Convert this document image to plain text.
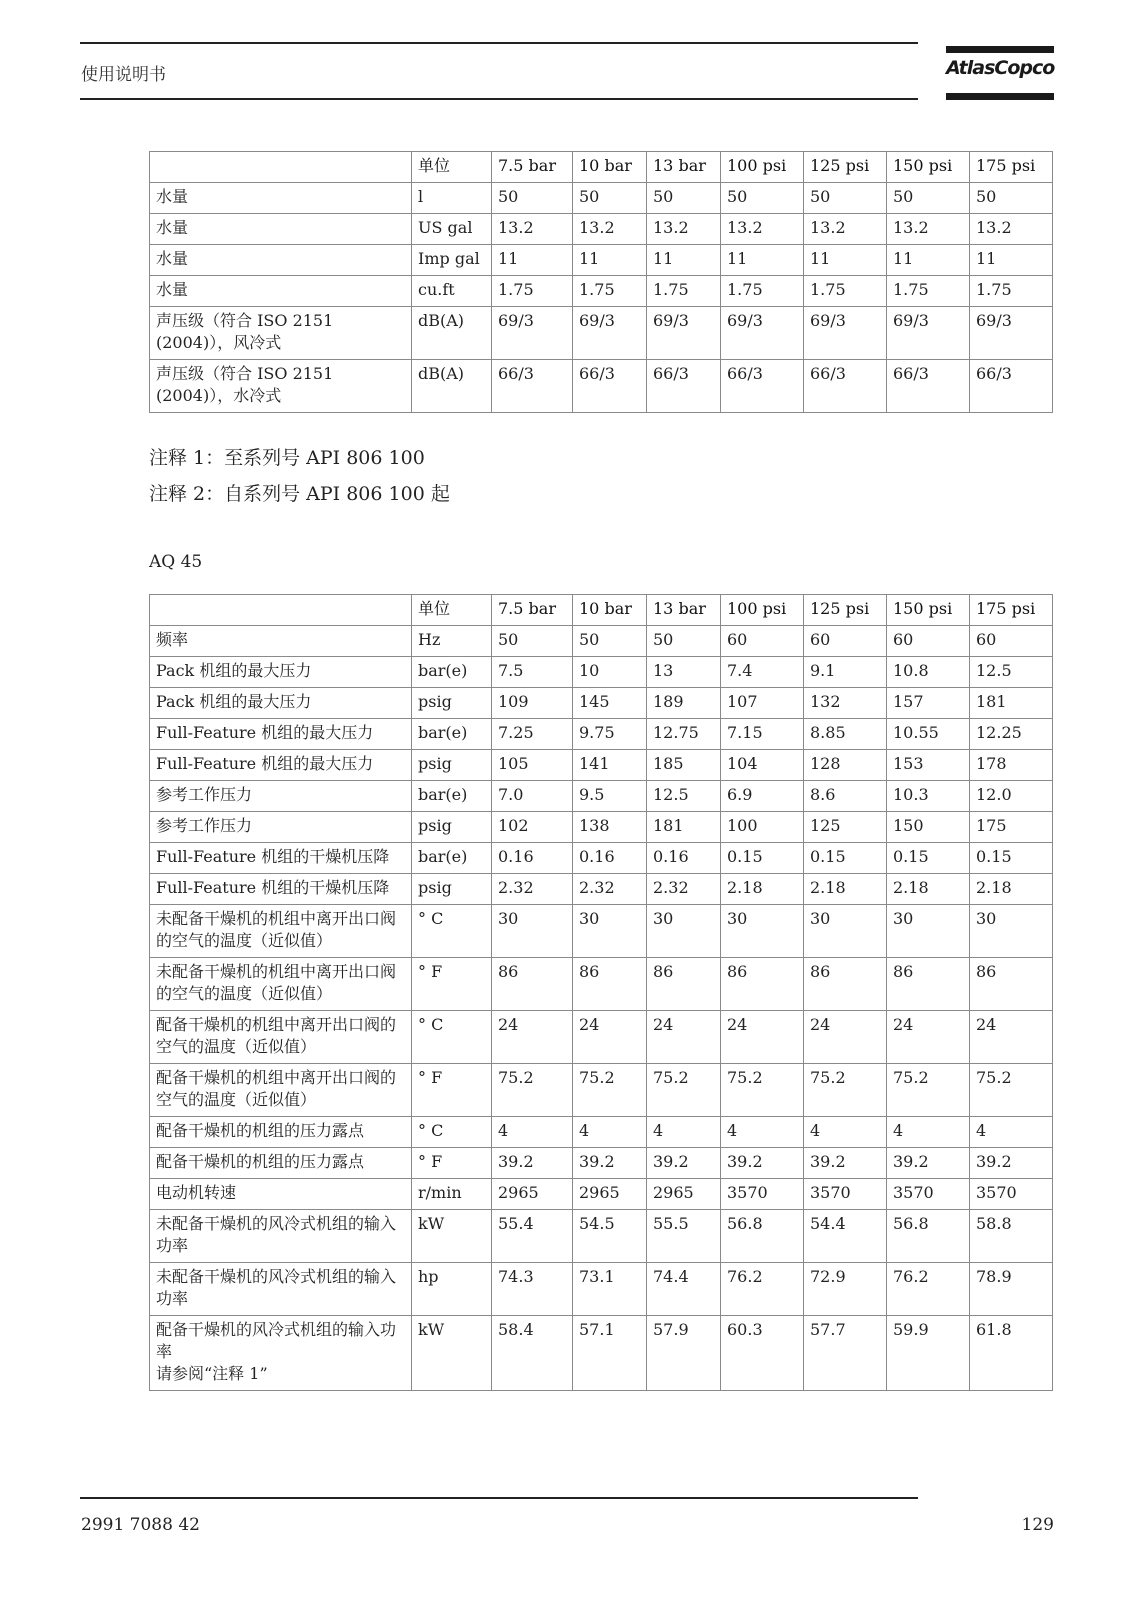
使用说明书	AtlasCopco
	单位	7.5 bar	10 bar	13 bar	100 psi	125 psi	150 psi	175 psi
水量	l	50	50	50	50	50	50	50
水量	US gal	13.2	13.2	13.2	13.2	13.2	13.2	13.2
水量	Imp gal	11	11	11	11	11	11	11
水量	cu.ft	1.75	1.75	1.75	1.75	1.75	1.75	1.75
声压级（符合 ISO 2151 (2004)），风冷式	dB(A)	69/3	69/3	69/3	69/3	69/3	69/3	69/3
声压级（符合 ISO 2151 (2004)），水冷式	dB(A)	66/3	66/3	66/3	66/3	66/3	66/3	66/3
注释 1：至系列号 API 806 100
注释 2：自系列号 API 806 100 起
AQ 45
	单位	7.5 bar	10 bar	13 bar	100 psi	125 psi	150 psi	175 psi
频率	Hz	50	50	50	60	60	60	60
Pack 机组的最大压力	bar(e)	7.5	10	13	7.4	9.1	10.8	12.5
Pack 机组的最大压力	psig	109	145	189	107	132	157	181
Full-Feature 机组的最大压力	bar(e)	7.25	9.75	12.75	7.15	8.85	10.55	12.25
Full-Feature 机组的最大压力	psig	105	141	185	104	128	153	178
参考工作压力	bar(e)	7.0	9.5	12.5	6.9	8.6	10.3	12.0
参考工作压力	psig	102	138	181	100	125	150	175
Full-Feature 机组的干燥机压降	bar(e)	0.16	0.16	0.16	0.15	0.15	0.15	0.15
Full-Feature 机组的干燥机压降	psig	2.32	2.32	2.32	2.18	2.18	2.18	2.18
未配备干燥机的机组中离开出口阀的空气的温度（近似值）	° C	30	30	30	30	30	30	30
未配备干燥机的机组中离开出口阀的空气的温度（近似值）	° F	86	86	86	86	86	86	86
配备干燥机的机组中离开出口阀的空气的温度（近似值）	° C	24	24	24	24	24	24	24
配备干燥机的机组中离开出口阀的空气的温度（近似值）	° F	75.2	75.2	75.2	75.2	75.2	75.2	75.2
配备干燥机的机组的压力露点	° C	4	4	4	4	4	4	4
配备干燥机的机组的压力露点	° F	39.2	39.2	39.2	39.2	39.2	39.2	39.2
电动机转速	r/min	2965	2965	2965	3570	3570	3570	3570
未配备干燥机的风冷式机组的输入功率	kW	55.4	54.5	55.5	56.8	54.4	56.8	58.8
未配备干燥机的风冷式机组的输入功率	hp	74.3	73.1	74.4	76.2	72.9	76.2	78.9
配备干燥机的风冷式机组的输入功率
请参阅“注释 1”	kW	58.4	57.1	57.9	60.3	57.7	59.9	61.8
2991 7088 42	129
